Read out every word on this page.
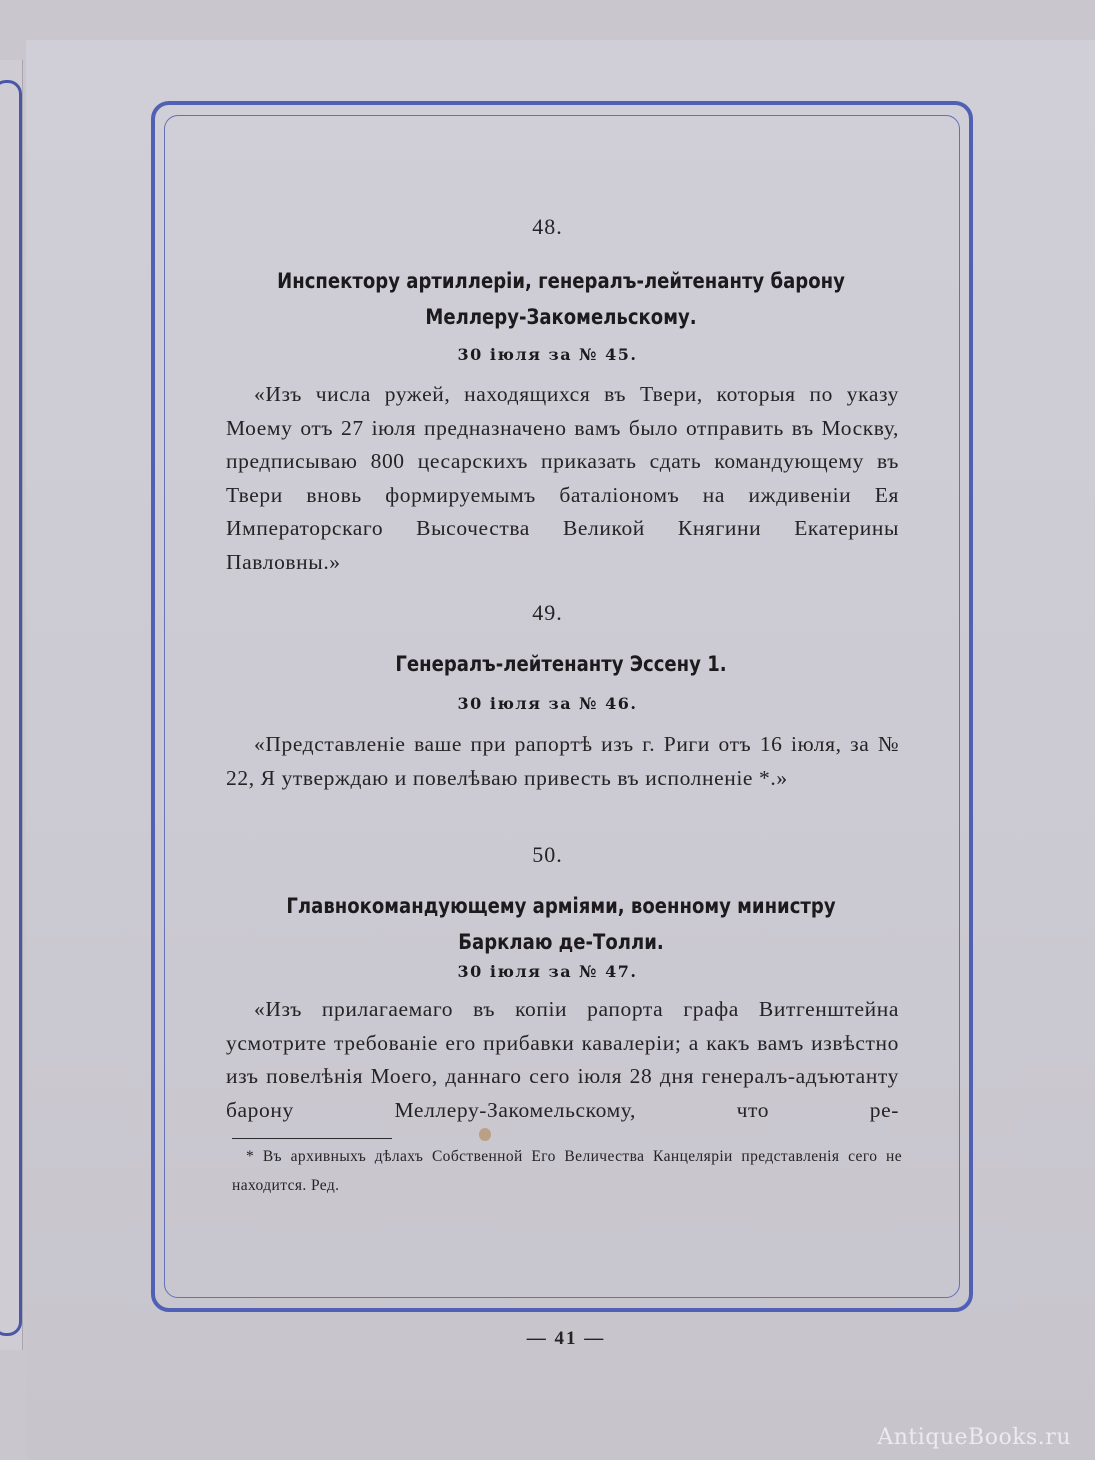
48.
Инспектору артиллеріи, генералъ-лейтенанту барону Меллеру-Закомельскому.
30 іюля за № 45.
«Изъ числа ружей, находящихся въ Твери, которыя по указу Моему отъ 27 іюля предназначено вамъ было отправить въ Москву, предписываю 800 цесарскихъ приказать сдать командующему въ Твери вновь формируемымъ баталіономъ на иждивеніи Ея Императорскаго Высочества Великой Княгини Екатерины Павловны.»
49.
Генералъ-лейтенанту Эссену 1.
30 іюля за № 46.
«Представленіе ваше при рапортѣ изъ г. Риги отъ 16 іюля, за № 22, Я утверждаю и повелѣваю привесть въ исполненіе *.»
50.
Главнокомандующему арміями, военному министру Барклаю де-Толли.
30 іюля за № 47.
«Изъ прилагаемаго въ копіи рапорта графа Витгенштейна усмотрите требованіе его прибавки кавалеріи; а какъ вамъ извѣстно изъ повелѣнія Моего, даннаго сего іюля 28 дня генералъ-адъютанту барону Меллеру-Закомельскому, что ре-
* Въ архивныхъ дѣлахъ Собственной Его Величества Канцеляріи представленія сего не находится. Ред.
— 41 —
AntiqueBooks.ru
